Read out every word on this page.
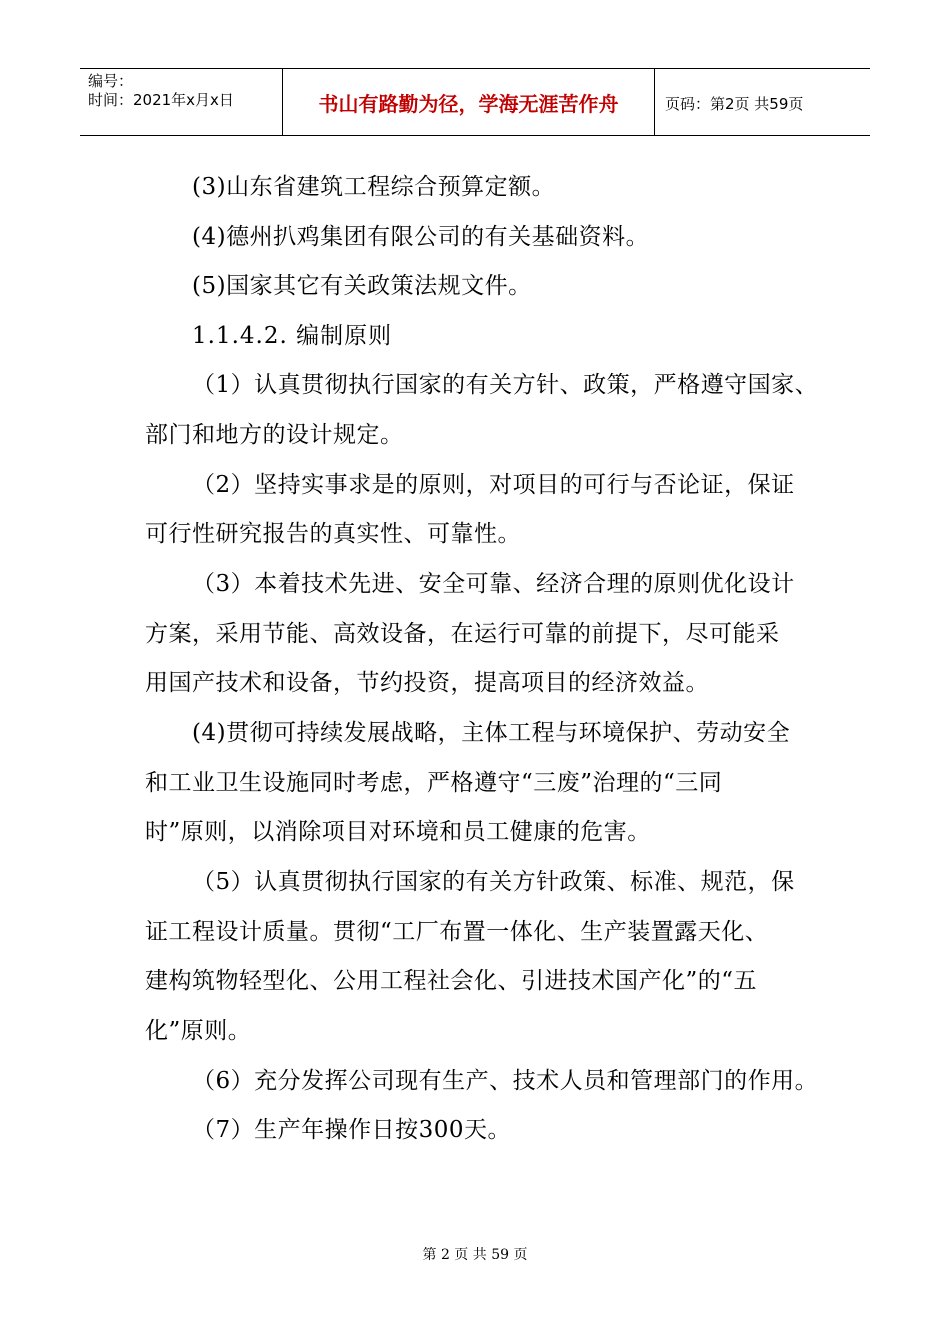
编号：
时间：2021年x月x日	书山有路勤为径，学海无涯苦作舟	页码：第2页 共59页
(3)山东省建筑工程综合预算定额。
(4)德州扒鸡集团有限公司的有关基础资料。
(5)国家其它有关政策法规文件。
1.1.4.2. 编制原则
（1）认真贯彻执行国家的有关方针、政策，严格遵守国家、
部门和地方的设计规定。
（2）坚持实事求是的原则，对项目的可行与否论证，保证
可行性研究报告的真实性、可靠性。
（3）本着技术先进、安全可靠、经济合理的原则优化设计
方案，采用节能、高效设备，在运行可靠的前提下，尽可能采
用国产技术和设备，节约投资，提高项目的经济效益。
(4)贯彻可持续发展战略，主体工程与环境保护、劳动安全
和工业卫生设施同时考虑，严格遵守“三废”治理的“三同
时”原则，以消除项目对环境和员工健康的危害。
（5）认真贯彻执行国家的有关方针政策、标准、规范，保
证工程设计质量。贯彻“工厂布置一体化、生产装置露天化、
建构筑物轻型化、公用工程社会化、引进技术国产化”的“五
化”原则。
（6）充分发挥公司现有生产、技术人员和管理部门的作用。
（7）生产年操作日按300天。
第 2 页 共 59 页
